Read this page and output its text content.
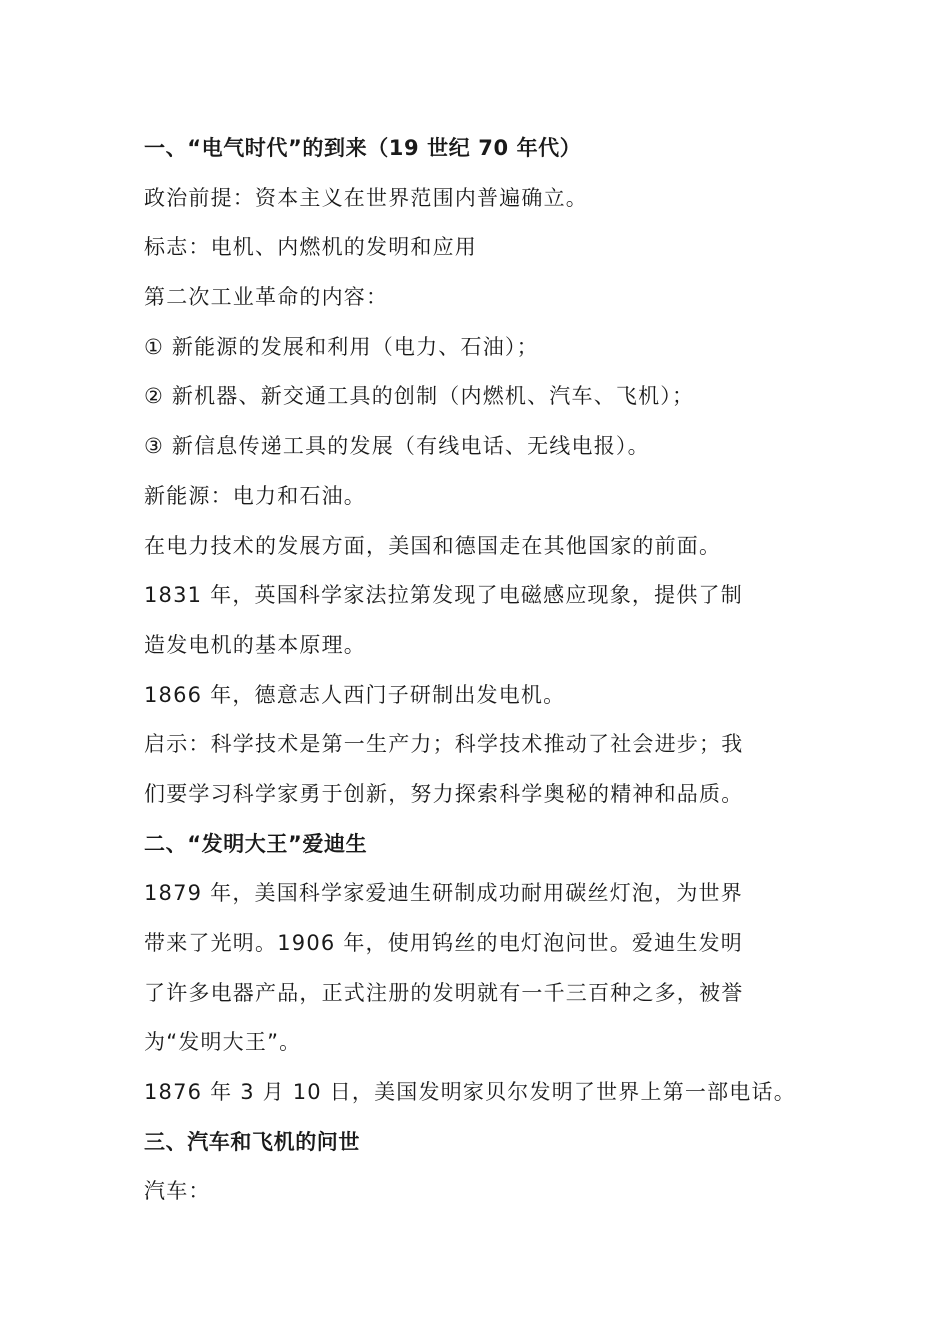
一、“电气时代”的到来（19 世纪 70 年代）
政治前提：资本主义在世界范围内普遍确立。
标志：电机、内燃机的发明和应用
第二次工业革命的内容：
① 新能源的发展和利用（电力、石油）；
② 新机器、新交通工具的创制（内燃机、汽车、飞机）；
③ 新信息传递工具的发展（有线电话、无线电报）。
新能源：电力和石油。
在电力技术的发展方面，美国和德国走在其他国家的前面。
1831 年，英国科学家法拉第发现了电磁感应现象，提供了制
造发电机的基本原理。
1866 年，德意志人西门子研制出发电机。
启示：科学技术是第一生产力；科学技术推动了社会进步；我
们要学习科学家勇于创新，努力探索科学奥秘的精神和品质。
二、“发明大王”爱迪生
1879 年，美国科学家爱迪生研制成功耐用碳丝灯泡，为世界
带来了光明。1906 年，使用钨丝的电灯泡问世。爱迪生发明
了许多电器产品，正式注册的发明就有一千三百种之多，被誉
为“发明大王”。
1876 年 3 月 10 日，美国发明家贝尔发明了世界上第一部电话。
三、汽车和飞机的问世
汽车：
